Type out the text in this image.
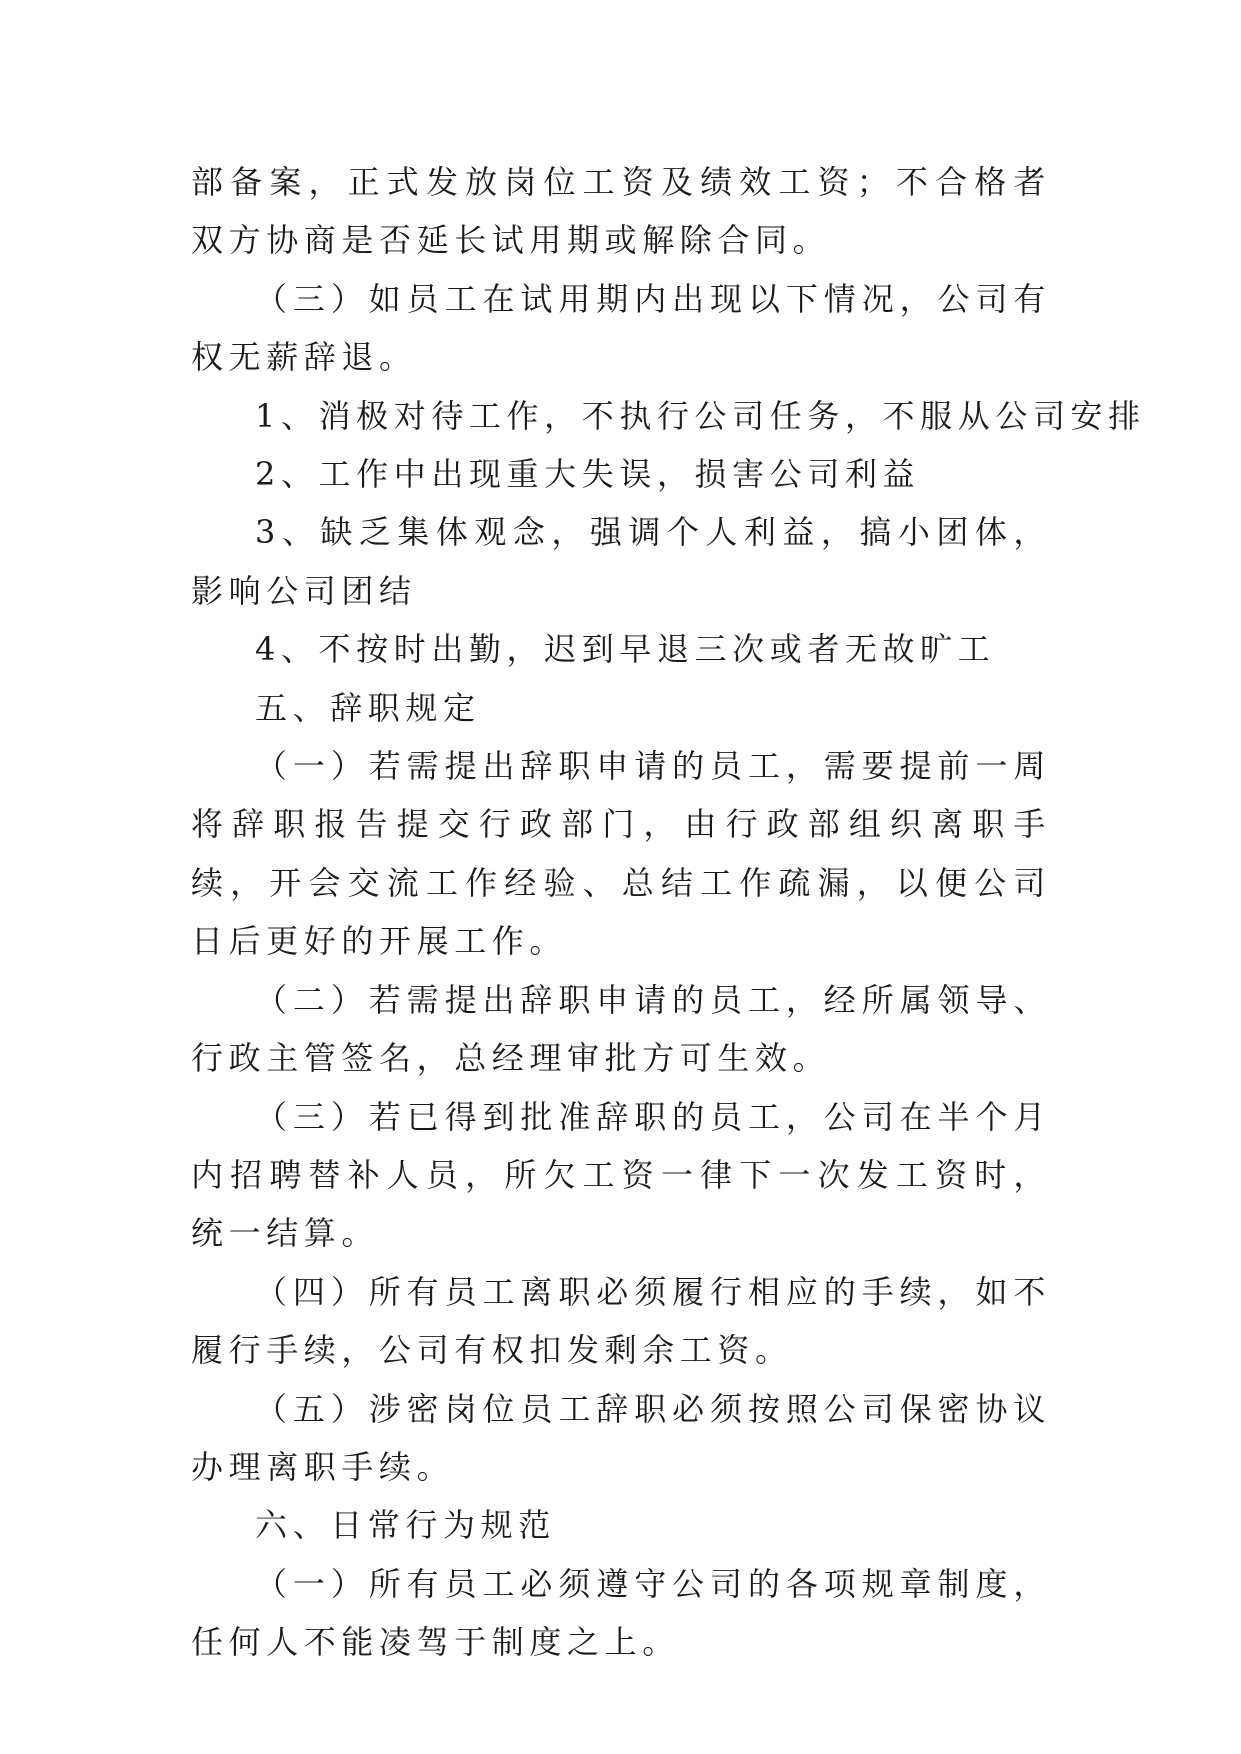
部备案，正式发放岗位工资及绩效工资；不合格者双方协商是否延长试用期或解除合同。

（三）如员工在试用期内出现以下情况，公司有权无薪辞退。

1、消极对待工作，不执行公司任务，不服从公司安排

2、工作中出现重大失误，损害公司利益

3、缺乏集体观念，强调个人利益，搞小团体，影响公司团结

4、不按时出勤，迟到早退三次或者无故旷工

五、辞职规定

（一）若需提出辞职申请的员工，需要提前一周将辞职报告提交行政部门，由行政部组织离职手续，开会交流工作经验、总结工作疏漏，以便公司日后更好的开展工作。

（二）若需提出辞职申请的员工，经所属领导、行政主管签名，总经理审批方可生效。

（三）若已得到批准辞职的员工，公司在半个月内招聘替补人员，所欠工资一律下一次发工资时，统一结算。

（四）所有员工离职必须履行相应的手续，如不履行手续，公司有权扣发剩余工资。

（五）涉密岗位员工辞职必须按照公司保密协议办理离职手续。

六、日常行为规范

（一）所有员工必须遵守公司的各项规章制度，任何人不能凌驾于制度之上。
